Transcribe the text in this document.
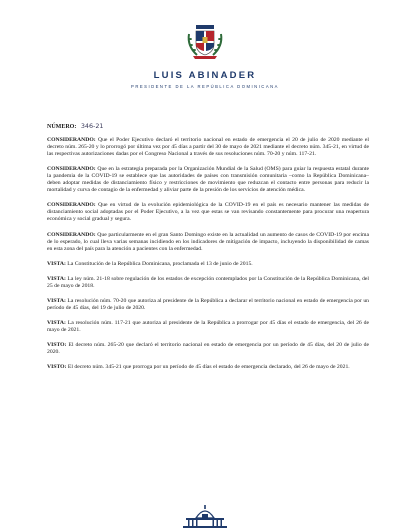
LUIS ABINADER
PRESIDENTE DE LA REPÚBLICA DOMINICANA

NÚMERO: 346-21

CONSIDERANDO: Que el Poder Ejecutivo declaró el territorio nacional en estado de emergencia el 20 de julio de 2020 mediante el decreto núm. 265-20 y lo prorrogó por última vez por 45 días a partir del 30 de mayo de 2021 mediante el decreto núm. 345-21, en virtud de las respectivas autorizaciones dadas por el Congreso Nacional a través de sus resoluciones núm. 70-20 y núm. 117-21.

CONSIDERANDO: Que en la estrategia preparada por la Organización Mundial de la Salud (OMS) para guiar la respuesta estatal durante la pandemia de la COVID-19 se establece que las autoridades de países con transmisión comunitaria –como la República Dominicana– deben adoptar medidas de distanciamiento físico y restricciones de movimiento que reduzcan el contacto entre personas para reducir la mortalidad y curva de contagio de la enfermedad y aliviar parte de la presión de los servicios de atención médica.

CONSIDERANDO: Que en virtud de la evolución epidemiológica de la COVID-19 en el país es necesario mantener las medidas de distanciamiento social adoptadas por el Poder Ejecutivo, a la vez que estas se van revisando constantemente para procurar una reapertura económica y social gradual y segura.

CONSIDERANDO: Que particularmente en el gran Santo Domingo existe en la actualidad un aumento de casos de COVID-19 por encima de lo esperado, lo cual lleva varias semanas incidiendo en los indicadores de mitigación de impacto, incluyendo la disponibilidad de camas en esta zona del país para la atención a pacientes con la enfermedad.

VISTA: La Constitución de la República Dominicana, proclamada el 13 de junio de 2015.

VISTA: La ley núm. 21-18 sobre regulación de los estados de excepción contemplados por la Constitución de la República Dominicana, del 25 de mayo de 2018.

VISTA: La resolución núm. 70-20 que autoriza al presidente de la República a declarar el territorio nacional en estado de emergencia por un período de 45 días, del 19 de julio de 2020.

VISTA: La resolución núm. 117-21 que autoriza al presidente de la República a prorrogar por 45 días el estado de emergencia, del 26 de mayo de 2021.

VISTO: El decreto núm. 265-20 que declaró el territorio nacional en estado de emergencia por un período de 45 días, del 20 de julio de 2020.

VISTO: El decreto núm. 345-21 que prorroga por un período de 45 días el estado de emergencia declarado, del 26 de mayo de 2021.
